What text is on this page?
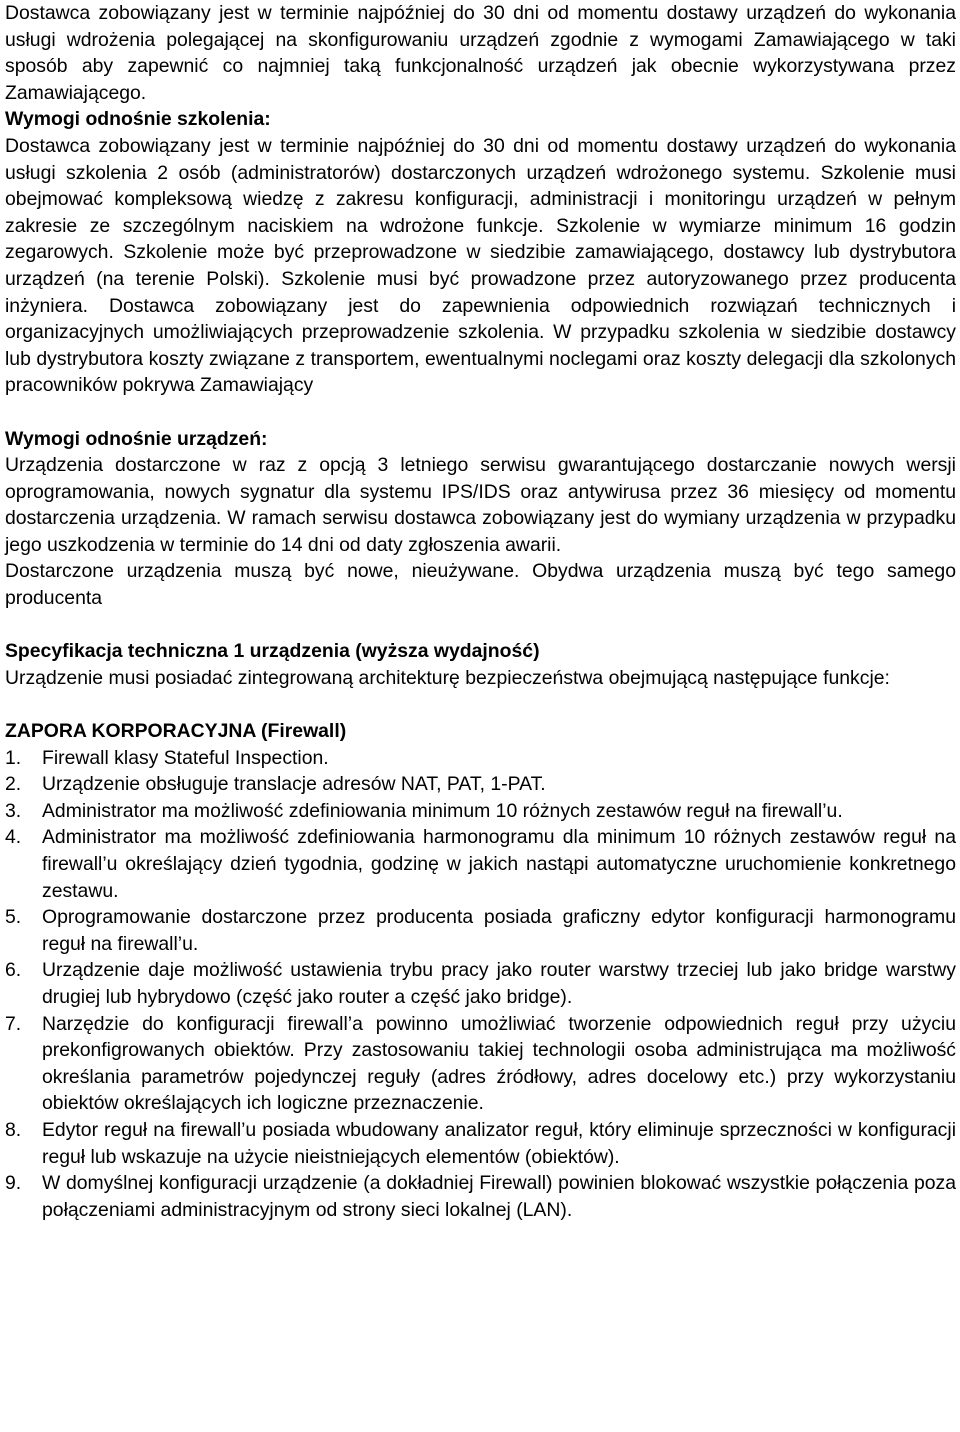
Dostawca zobowiązany jest w terminie najpóźniej do 30 dni od momentu dostawy urządzeń do wykonania usługi wdrożenia polegającej na skonfigurowaniu urządzeń zgodnie z wymogami Zamawiającego w taki sposób aby zapewnić co najmniej taką funkcjonalność urządzeń jak obecnie wykorzystywana przez Zamawiającego.

Wymogi odnośnie szkolenia:

Dostawca zobowiązany jest w terminie najpóźniej do 30 dni od momentu dostawy urządzeń do wykonania usługi szkolenia 2 osób (administratorów) dostarczonych urządzeń wdrożonego systemu. Szkolenie musi obejmować kompleksową wiedzę z zakresu konfiguracji, administracji i monitoringu urządzeń w pełnym zakresie ze szczególnym naciskiem na wdrożone funkcje. Szkolenie w wymiarze minimum 16 godzin zegarowych. Szkolenie może być przeprowadzone w siedzibie zamawiającego, dostawcy lub dystrybutora urządzeń (na terenie Polski). Szkolenie musi być prowadzone przez autoryzowanego przez producenta inżyniera. Dostawca zobowiązany jest do zapewnienia odpowiednich rozwiązań technicznych i organizacyjnych umożliwiających przeprowadzenie szkolenia. W przypadku szkolenia w siedzibie dostawcy lub dystrybutora koszty związane z transportem, ewentualnymi noclegami oraz koszty delegacji dla szkolonych pracowników pokrywa Zamawiający

Wymogi odnośnie urządzeń:

Urządzenia dostarczone w raz z opcją 3 letniego serwisu gwarantującego dostarczanie nowych wersji oprogramowania, nowych sygnatur dla systemu IPS/IDS oraz antywirusa przez 36 miesięcy od momentu dostarczenia urządzenia. W ramach serwisu dostawca zobowiązany jest do wymiany urządzenia w przypadku jego uszkodzenia w terminie do 14 dni od daty zgłoszenia awarii.

Dostarczone urządzenia muszą być nowe, nieużywane. Obydwa urządzenia muszą być tego samego producenta

Specyfikacja techniczna 1 urządzenia (wyższa wydajność)

Urządzenie musi posiadać zintegrowaną architekturę bezpieczeństwa obejmującą następujące funkcje:

ZAPORA KORPORACYJNA (Firewall)

1.	Firewall klasy Stateful Inspection.
2.	Urządzenie obsługuje translacje adresów NAT, PAT, 1-PAT.
3.	Administrator ma możliwość zdefiniowania minimum 10 różnych zestawów reguł na firewall’u.
4.	Administrator ma możliwość zdefiniowania harmonogramu dla minimum 10 różnych zestawów reguł na firewall’u określający dzień tygodnia, godzinę w jakich nastąpi automatyczne uruchomienie konkretnego zestawu.
5.	Oprogramowanie dostarczone przez producenta posiada graficzny edytor konfiguracji harmonogramu reguł na firewall’u.
6.	Urządzenie daje możliwość ustawienia trybu pracy jako router warstwy trzeciej lub jako bridge warstwy drugiej lub hybrydowo (część jako router a część jako bridge).
7.	Narzędzie do konfiguracji firewall’a powinno umożliwiać tworzenie odpowiednich reguł przy użyciu prekonfigrowanych obiektów. Przy zastosowaniu takiej technologii osoba administrująca ma możliwość określania parametrów pojedynczej reguły (adres źródłowy, adres docelowy etc.) przy wykorzystaniu obiektów określających ich logiczne przeznaczenie.
8.	Edytor reguł na firewall’u posiada wbudowany analizator reguł, który eliminuje sprzeczności w konfiguracji reguł lub wskazuje na użycie nieistniejących elementów (obiektów).
9.	W domyślnej konfiguracji urządzenie (a dokładniej Firewall) powinien blokować wszystkie połączenia poza połączeniami administracyjnym od strony sieci lokalnej (LAN).
